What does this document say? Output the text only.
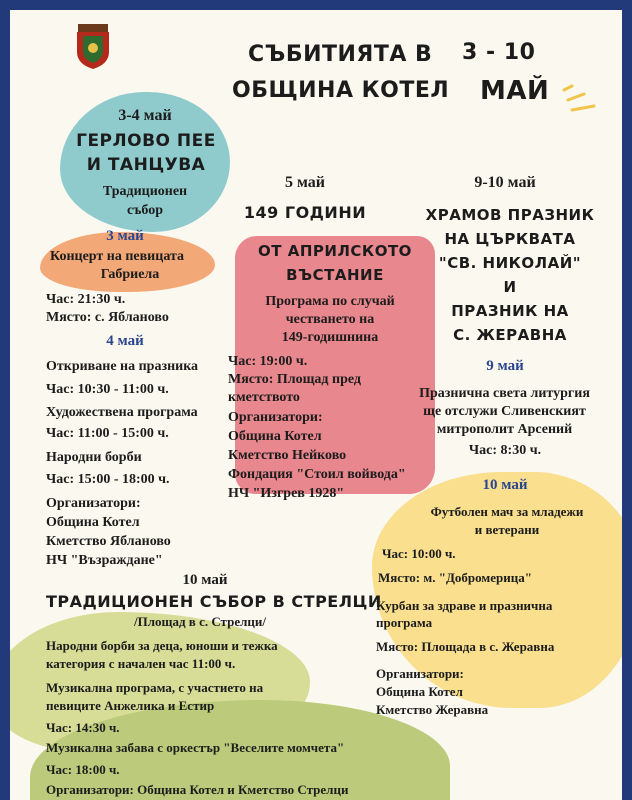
СЪБИТИЯТА В 3 - 10
ОБЩИНА КОТЕЛ МАЙ
3-4 май
ГЕРЛОВО ПЕЕ
И ТАНЦУВА
Традиционен
събор
3 май
Концерт на певицата
Габриела
Час: 21:30 ч.
Място: с. Ябланово
4 май
Откриване на празника
Час: 10:30 - 11:00 ч.
Художествена програма
Час: 11:00 - 15:00 ч.
Народни борби
Час: 15:00 - 18:00 ч.
Организатори:
Община Котел
Кметство Ябланово
НЧ "Възраждане"
5 май
149 ГОДИНИ
ОТ АПРИЛСКОТО
ВЪСТАНИЕ
Програма по случай
честването на
149-годишнина
Час: 19:00 ч.
Място: Площад пред
кметството
Организатори:
Община Котел
Кметство Нейково
Фондация "Стоил войвода"
НЧ "Изгрев 1928"
9-10 май
ХРАМОВ ПРАЗНИК
НА ЦЪРКВАТА
"СВ. НИКОЛАЙ"
И
ПРАЗНИК НА
С. ЖЕРАВНА
9 май
Празнична света литургия
ще отслужи Сливенският
митрополит Арсений
Час: 8:30 ч.
10 май
Футболен мач за младежи
и ветерани
Час: 10:00 ч.
Място: м. "Добромерица"
Курбан за здраве и празнична
програма
Място: Площада в с. Жеравна
Организатори:
Община Котел
Кметство Жеравна
10 май
ТРАДИЦИОНЕН СЪБОР В СТРЕЛЦИ
/Площад в с. Стрелци/
Народни борби за деца, юноши и тежка
категория с начален час 11:00 ч.
Музикална програма, с участието на
певиците Анжелика и Естир
Час: 14:30 ч.
Музикална забава с оркестър "Веселите момчета"
Час: 18:00 ч.
Организатори: Община Котел и Кметство Стрелци
